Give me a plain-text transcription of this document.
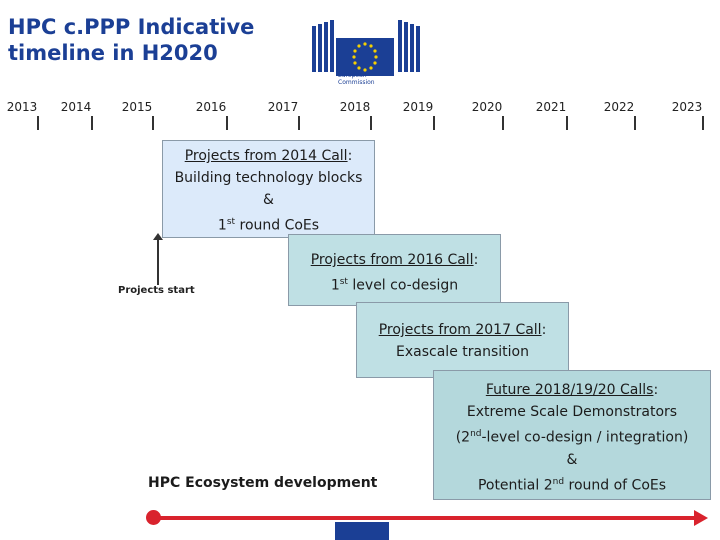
HPC c.PPP Indicative timeline in H2020
European Commission
2013	2014	2015	2016	2017	2018	2019	2020	2021	2022	2023
Projects from 2014 Call:
Building technology blocks
&
1st round CoEs
Projects from 2016 Call:
1st level co-design
Projects from 2017 Call:
Exascale transition
Future 2018/19/20 Calls:
Extreme Scale Demonstrators
(2nd-level co-design / integration)
&
Potential 2nd round of CoEs
Projects start
HPC Ecosystem development
